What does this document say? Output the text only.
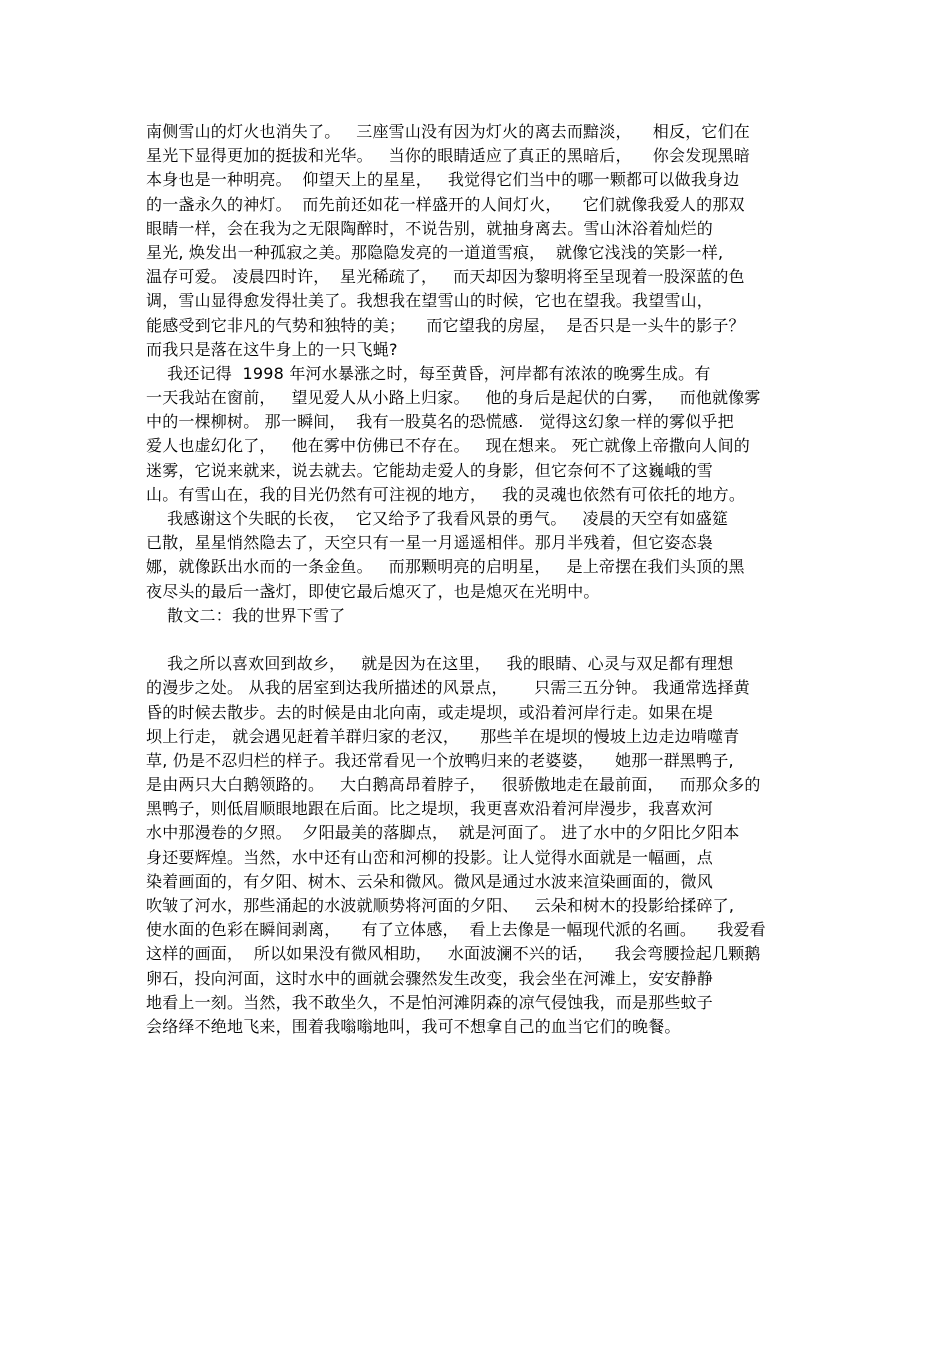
南侧雪山的灯火也消失了。   三座雪山没有因为灯火的离去而黯淡，    相反，它们在
星光下显得更加的挺拔和光华。   当你的眼睛适应了真正的黑暗后，    你会发现黑暗
本身也是一种明亮。  仰望天上的星星，   我觉得它们当中的哪一颗都可以做我身边
的一盏永久的神灯。  而先前还如花一样盛开的人间灯火，    它们就像我爱人的那双
眼睛一样，会在我为之无限陶醉时，不说告别，就抽身离去。雪山沐浴着灿烂的
星光, 焕发出一种孤寂之美。那隐隐发亮的一道道雪痕，  就像它浅浅的笑影一样,
温存可爱。 凌晨四时许，  星光稀疏了，   而天却因为黎明将至呈现着一股深蓝的色
调，雪山显得愈发得壮美了。我想我在望雪山的时候，它也在望我。我望雪山，
能感受到它非凡的气势和独特的美；    而它望我的房屋，  是否只是一头牛的影子？
而我只是落在这牛身上的一只飞蝇?
我还记得  1998 年河水暴涨之时，每至黄昏，河岸都有浓浓的晚雾生成。有
一天我站在窗前，   望见爱人从小路上归家。   他的身后是起伏的白雾，   而他就像雾
中的一棵柳树。 那一瞬间，  我有一股莫名的恐慌感.   觉得这幻象一样的雾似乎把
爱人也虚幻化了，   他在雾中仿佛已不存在。   现在想来。 死亡就像上帝撒向人间的
迷雾，它说来就来，说去就去。它能劫走爱人的身影，但它奈何不了这巍峨的雪
山。有雪山在，我的目光仍然有可注视的地方，   我的灵魂也依然有可依托的地方。
我感谢这个失眠的长夜，  它又给予了我看风景的勇气。   凌晨的天空有如盛筵
已散，星星悄然隐去了，天空只有一星一月遥遥相伴。那月半残着，但它姿态袅
娜，就像跃出水而的一条金鱼。   而那颗明亮的启明星，   是上帝摆在我们头顶的黑
夜尽头的最后一盏灯，即使它最后熄灭了，也是熄灭在光明中。
散文二：我的世界下雪了
我之所以喜欢回到故乡，   就是因为在这里，   我的眼睛、心灵与双足都有理想
的漫步之处。 从我的居室到达我所描述的风景点，     只需三五分钟。 我通常选择黄
昏的时候去散步。去的时候是由北向南，或走堤坝，或沿着河岸行走。如果在堤
坝上行走， 就会遇见赶着羊群归家的老汉，    那些羊在堤坝的慢坡上边走边啃噬青
草, 仍是不忍归栏的样子。我还常看见一个放鸭归来的老婆婆，    她那一群黑鸭子,
是由两只大白鹅领路的。   大白鹅高昂着脖子，   很骄傲地走在最前面，   而那众多的
黑鸭子，则低眉顺眼地跟在后面。比之堤坝，我更喜欢沿着河岸漫步，我喜欢河
水中那漫卷的夕照。  夕阳最美的落脚点，  就是河面了。 进了水中的夕阳比夕阳本
身还要辉煌。当然，水中还有山峦和河柳的投影。让人觉得水面就是一幅画，点
染着画面的，有夕阳、树木、云朵和微风。微风是通过水波来渲染画面的，微风
吹皱了河水，那些涌起的水波就顺势将河面的夕阳、   云朵和树木的投影给揉碎了,
使水面的色彩在瞬间剥离，    有了立体感，  看上去像是一幅现代派的名画。    我爱看
这样的画面，  所以如果没有微风相助，   水面波澜不兴的话，    我会弯腰捡起几颗鹅
卵石，投向河面，这时水中的画就会骤然发生改变，我会坐在河滩上，安安静静
地看上一刻。当然，我不敢坐久，不是怕河滩阴森的凉气侵蚀我，而是那些蚊子
会络绎不绝地飞来，围着我嗡嗡地叫，我可不想拿自己的血当它们的晚餐。
